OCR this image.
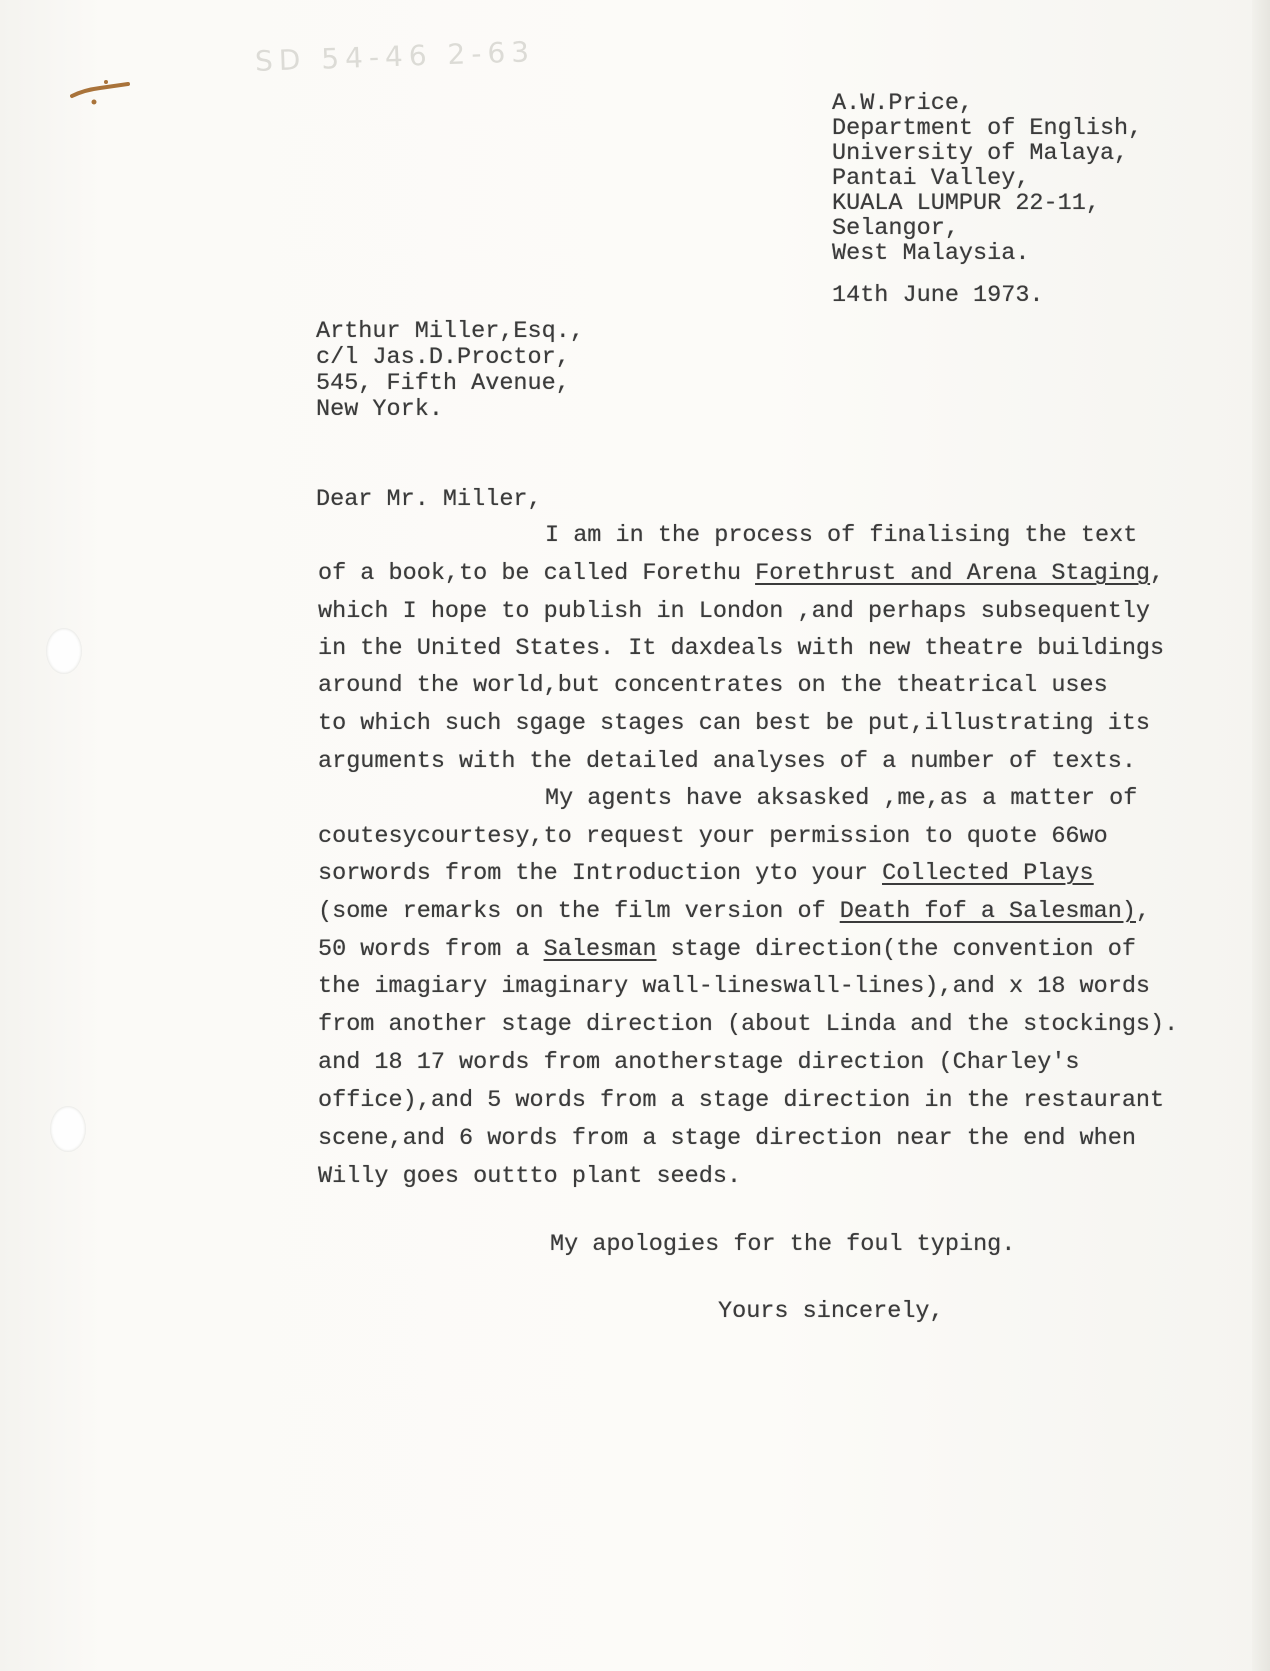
SD 54-46 2-63
A.W.Price,
Department of English,
University of Malaya,
Pantai Valley,
KUALA LUMPUR 22-11,
Selangor,
West Malaysia.
14th June 1973.
Arthur Miller,Esq.,
c/l Jas.D.Proctor,
545, Fifth Avenue,
New York.
Dear Mr. Miller,
I am in the process of finalising the text
of a book,to be called Forethu Forethrust and Arena Staging,
which I hope to publish in London ,and perhaps subsequently
in the United States. It daxdeals with new theatre buildings
around the world,but concentrates on the theatrical uses
to which such sgage stages can best be put,illustrating its
arguments with the detailed analyses of a number of texts.
My agents have aksasked ,me,as a matter of
coutesycourtesy,to request your permission to quote 66wo
sorwords from the Introduction yto your Collected Plays
(some remarks on the film version of Death fof a Salesman),
50 words from a Salesman stage direction(the convention of
the imagiary imaginary wall-lineswall-lines),and x 18 words
from another stage direction (about Linda and the stockings).
and 18 17 words from anotherstage direction (Charley's
office),and 5 words from a stage direction in the restaurant
scene,and 6 words from a stage direction near the end when
Willy goes outtto plant seeds.
My apologies for the foul typing.
Yours sincerely,
